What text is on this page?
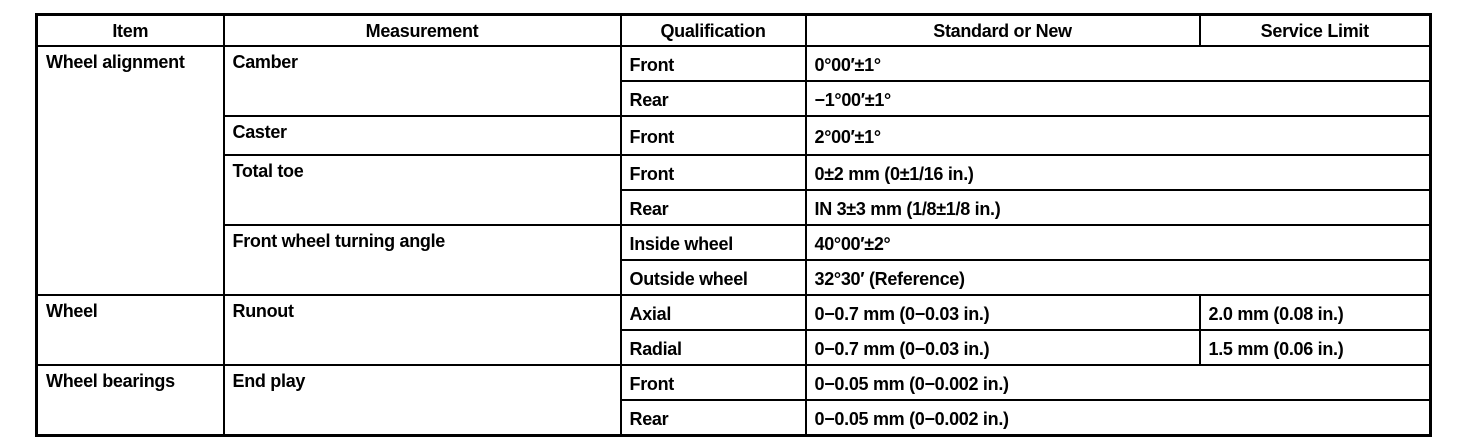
Item	Measurement	Qualification	Standard or New	Service Limit
Wheel alignment	Camber	Front	0°00′±1°	
		Rear	−1°00′±1°	
	Caster	Front	2°00′±1°	
	Total toe	Front	0±2 mm (0±1/16 in.)	
		Rear	IN 3±3 mm (1/8±1/8 in.)	
	Front wheel turning angle	Inside wheel	40°00′±2°	
		Outside wheel	32°30′ (Reference)	
Wheel	Runout	Axial	0−0.7 mm (0−0.03 in.)	2.0 mm (0.08 in.)
		Radial	0−0.7 mm (0−0.03 in.)	1.5 mm (0.06 in.)
Wheel bearings	End play	Front	0−0.05 mm (0−0.002 in.)	
		Rear	0−0.05 mm (0−0.002 in.)	
